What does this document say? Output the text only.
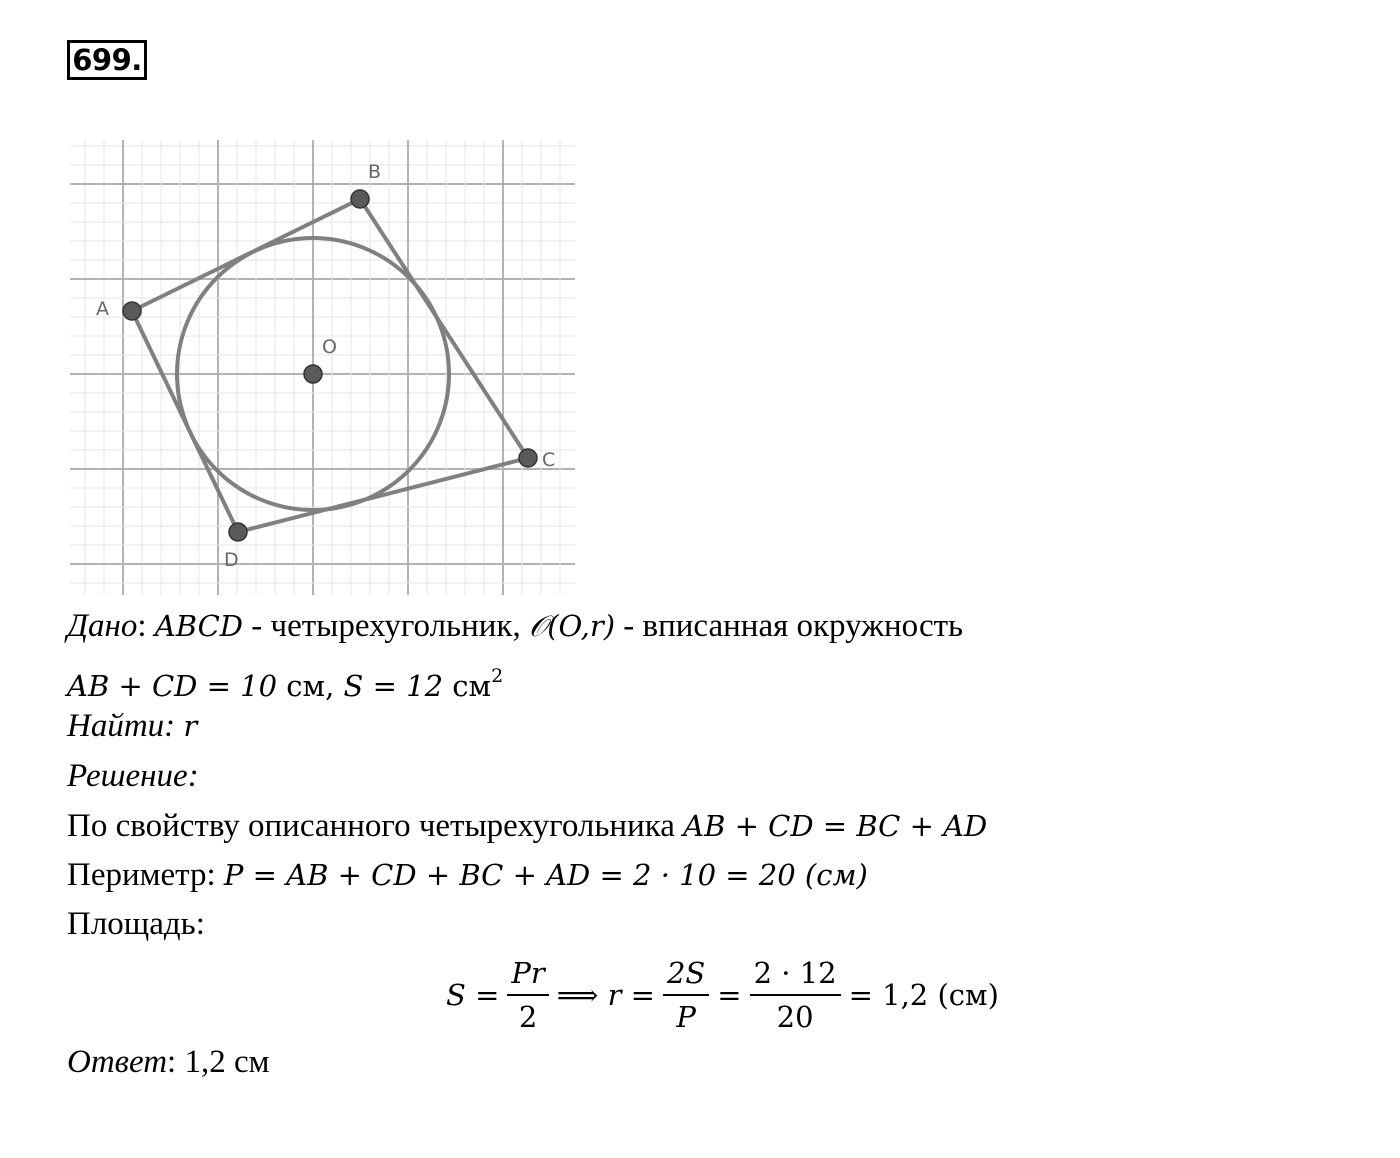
699.
A
B
C
D
O
Дано: ABCD - четырехугольник, 𝒪(O,r) - вписанная окружность
AB + CD = 10 см, S = 12 $см^2$
Найти: r
Решение:
По свойству описанного четырехугольника AB + CD = BC + AD
Периметр: P = AB + CD + BC + AD = 2 · 10 = 20 (см)
Площадь:
$S = \frac{Pr}{2}$ ⟹ $r = \frac{2S}{P} = \frac{2 \cdot 12}{20} = 1,2$ (см)
Ответ: 1,2 см
